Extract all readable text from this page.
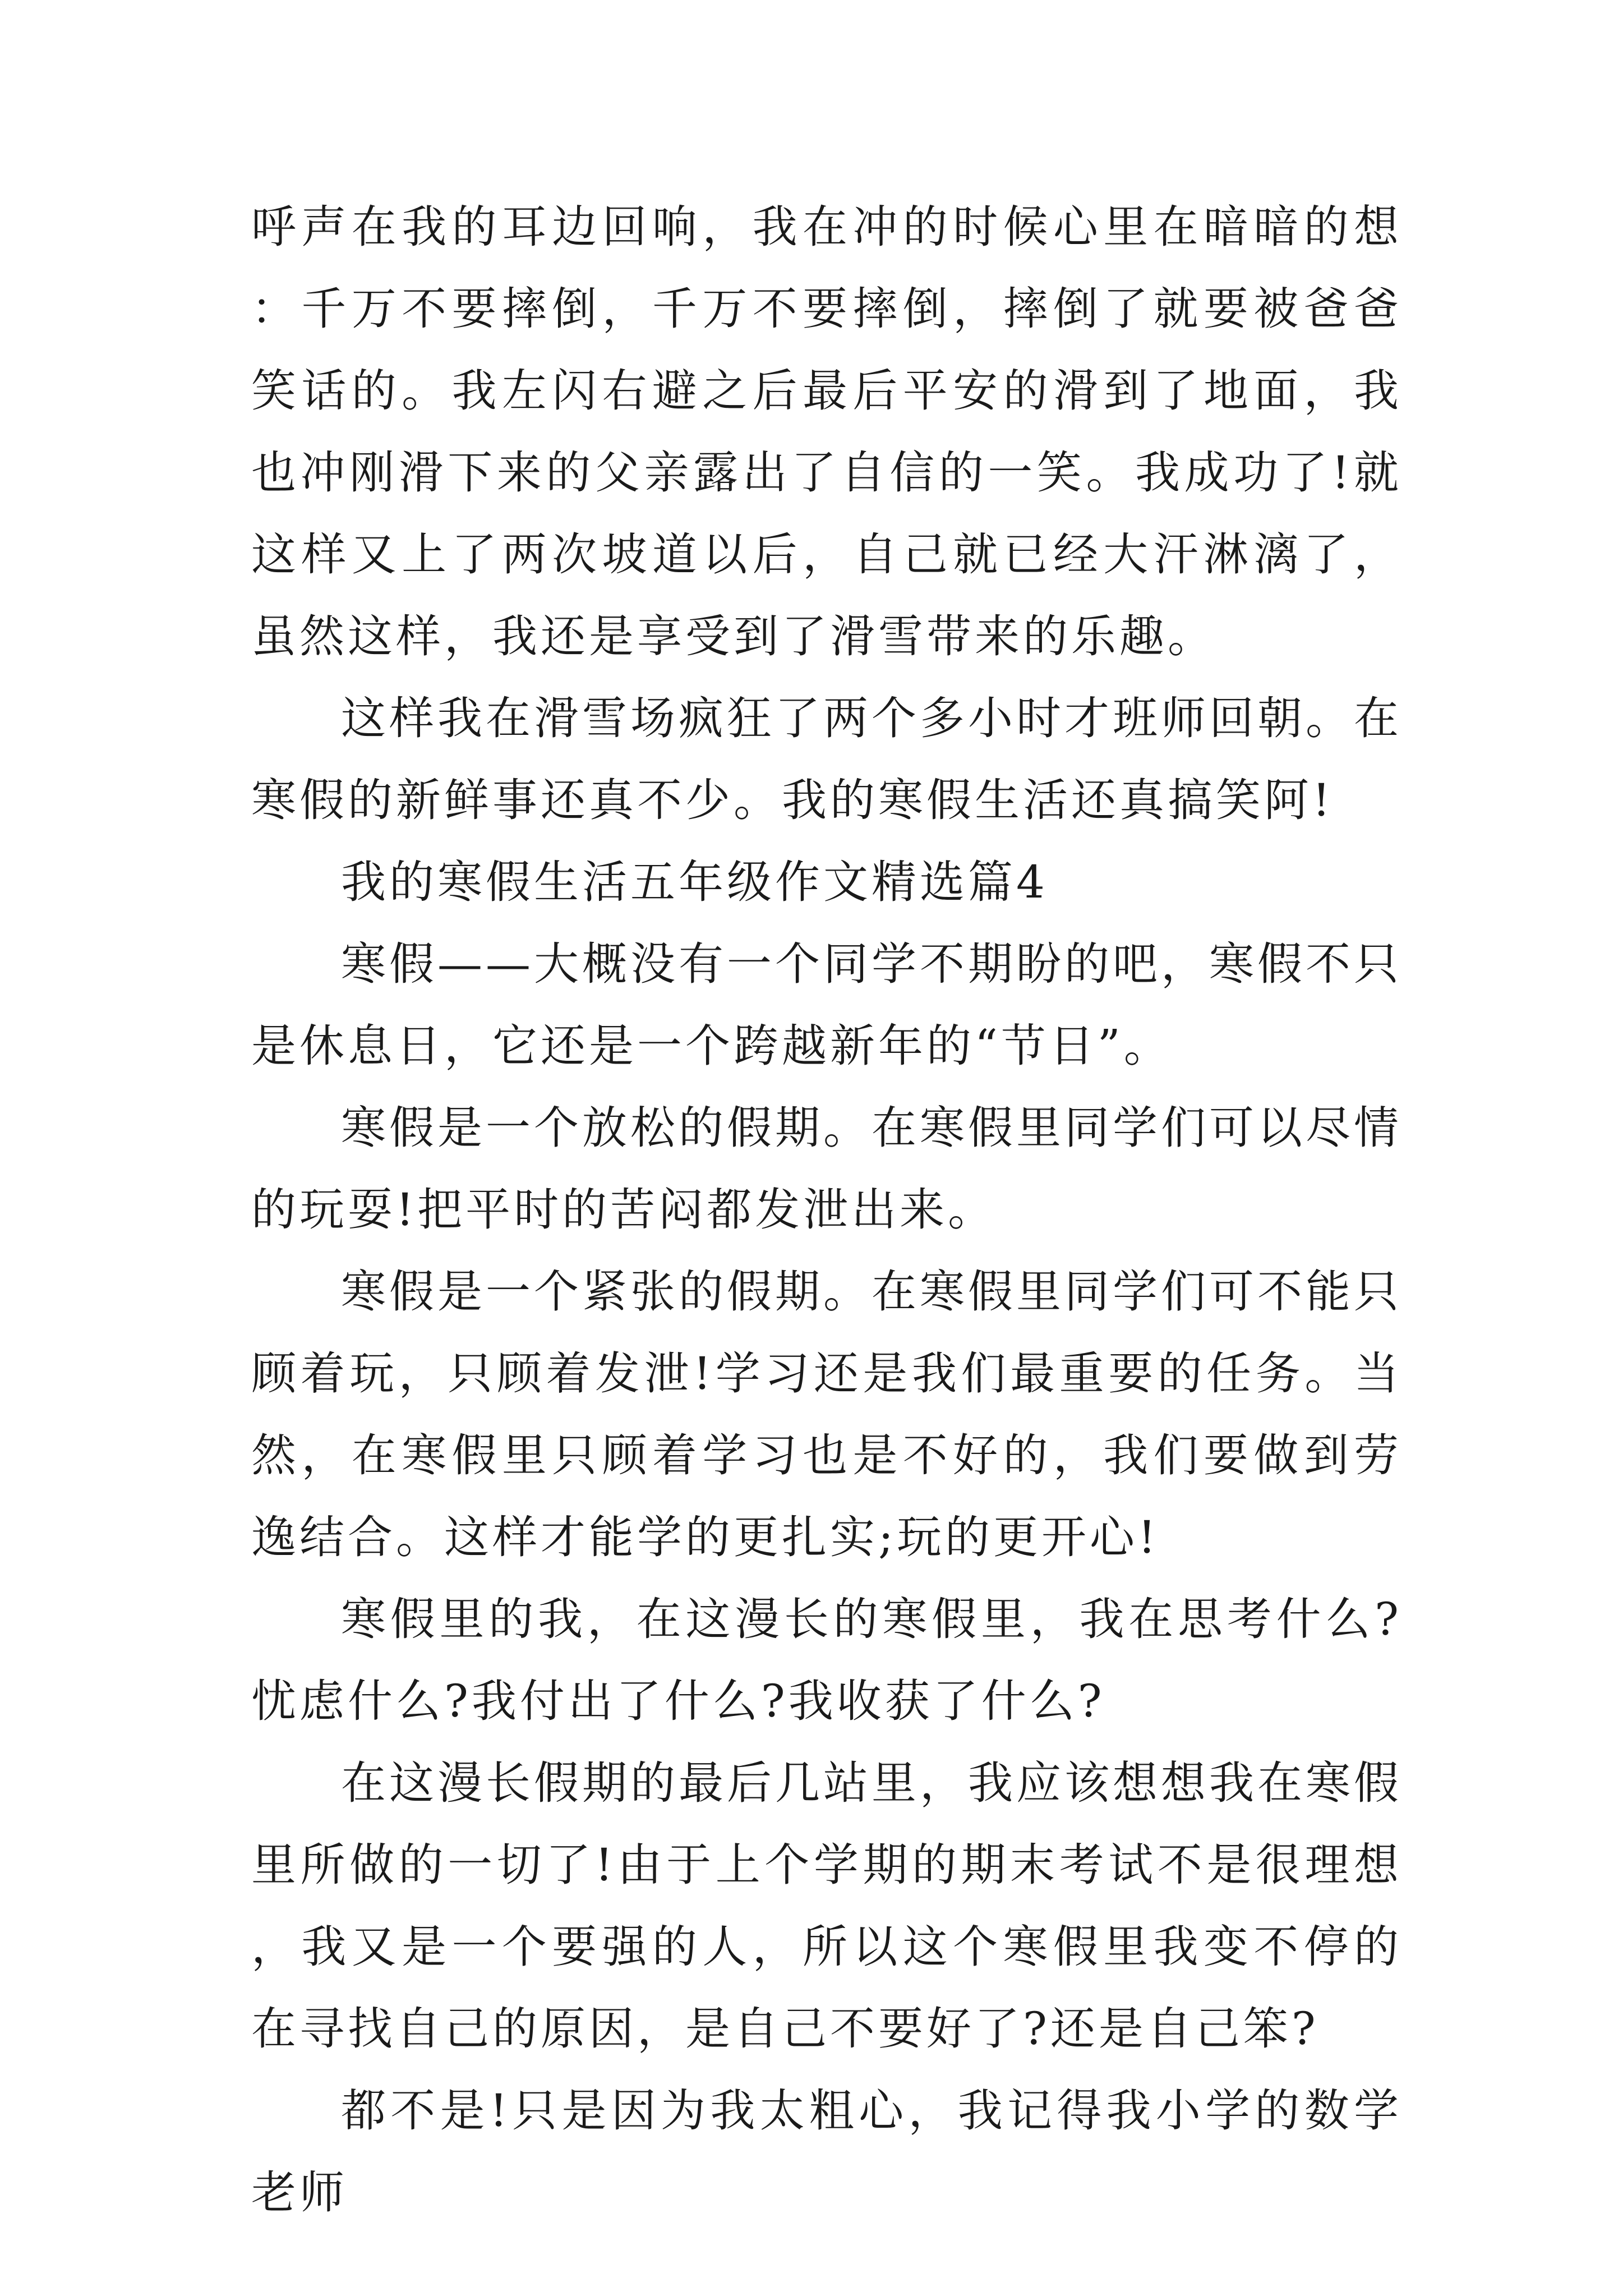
呼声在我的耳边回响，我在冲的时候心里在暗暗的想：千万不要摔倒，千万不要摔倒，摔倒了就要被爸爸笑话的。我左闪右避之后最后平安的滑到了地面，我也冲刚滑下来的父亲露出了自信的一笑。我成功了!就这样又上了两次坡道以后，自己就已经大汗淋漓了，虽然这样，我还是享受到了滑雪带来的乐趣。

这样我在滑雪场疯狂了两个多小时才班师回朝。在寒假的新鲜事还真不少。我的寒假生活还真搞笑阿!

我的寒假生活五年级作文精选篇4

寒假——大概没有一个同学不期盼的吧，寒假不只是休息日，它还是一个跨越新年的“节日”。

寒假是一个放松的假期。在寒假里同学们可以尽情的玩耍!把平时的苦闷都发泄出来。

寒假是一个紧张的假期。在寒假里同学们可不能只顾着玩，只顾着发泄!学习还是我们最重要的任务。当然，在寒假里只顾着学习也是不好的，我们要做到劳逸结合。这样才能学的更扎实;玩的更开心!

寒假里的我，在这漫长的寒假里，我在思考什么?忧虑什么?我付出了什么?我收获了什么?

在这漫长假期的最后几站里，我应该想想我在寒假里所做的一切了!由于上个学期的期末考试不是很理想，我又是一个要强的人，所以这个寒假里我变不停的在寻找自己的原因，是自己不要好了?还是自己笨?

都不是!只是因为我太粗心，我记得我小学的数学老师
